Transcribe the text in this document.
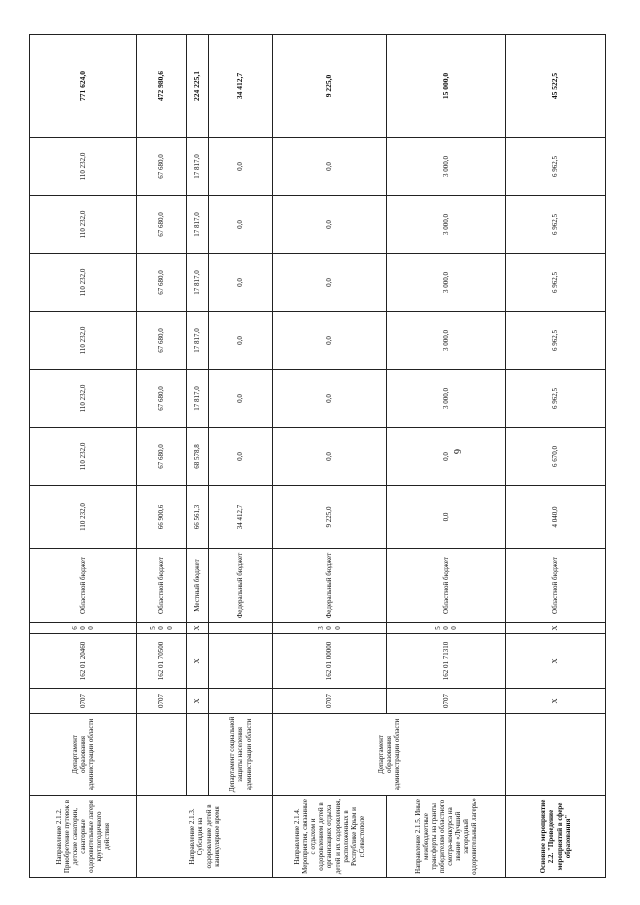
6
Направление 2.1.2. Приобретение путевок в детские санатории, санаторные оздоровительные лагеря круглогодичного действия	Департамент образования администрации области	0707	162 01 20460	600	Областной бюджет	110 232,0	110 232,0	110 232,0	110 232,0	110 232,0	110 232,0	110 232,0	771 624,0
Направление 2.1.3. Субсидия на оздоровление детей в каникулярное время		0707	162 01 70500	500	Областной бюджет	66 900,6	67 680,0	67 680,0	67 680,0	67 680,0	67 680,0	67 680,0	472 980,6
		Х	Х	Х	Местный бюджет	66 561,3	68 578,8	17 817,0	17 817,0	17 817,0	17 817,0	17 817,0	224 225,1
	Департамент социальной защиты населения администрации области				Федеральный бюджет	34 412,7	0,0	0,0	0,0	0,0	0,0	0,0	34 412,7
Направление 2.1.4. Мероприятия, связанные с отдыхом и оздоровлением детей в организациях отдыха детей и их оздоровления, расположенных в Республике Крым и г.Севастополе	Департамент образования администрации области	0707	162 01 00000	300	Федеральный бюджет	9 225,0	0,0	0,0	0,0	0,0	0,0	0,0	9 225,0
Направление 2.1.5. Иные межбюджетные трансферты на гранты победителям областного смотра-конкурса на звание «Лучший загородный оздоровительный лагерь»		0707	162 01 71310	500	Областной бюджет	0,0	0,0	3 000,0	3 000,0	3 000,0	3 000,0	3 000,0	15 000,0
Основное мероприятие 2.2. "Проведение мероприятий в сфере образования"		Х	Х	Х	Областной бюджет	4 040,0	6 670,0	6 962,5	6 962,5	6 962,5	6 962,5	6 962,5	45 522,5
